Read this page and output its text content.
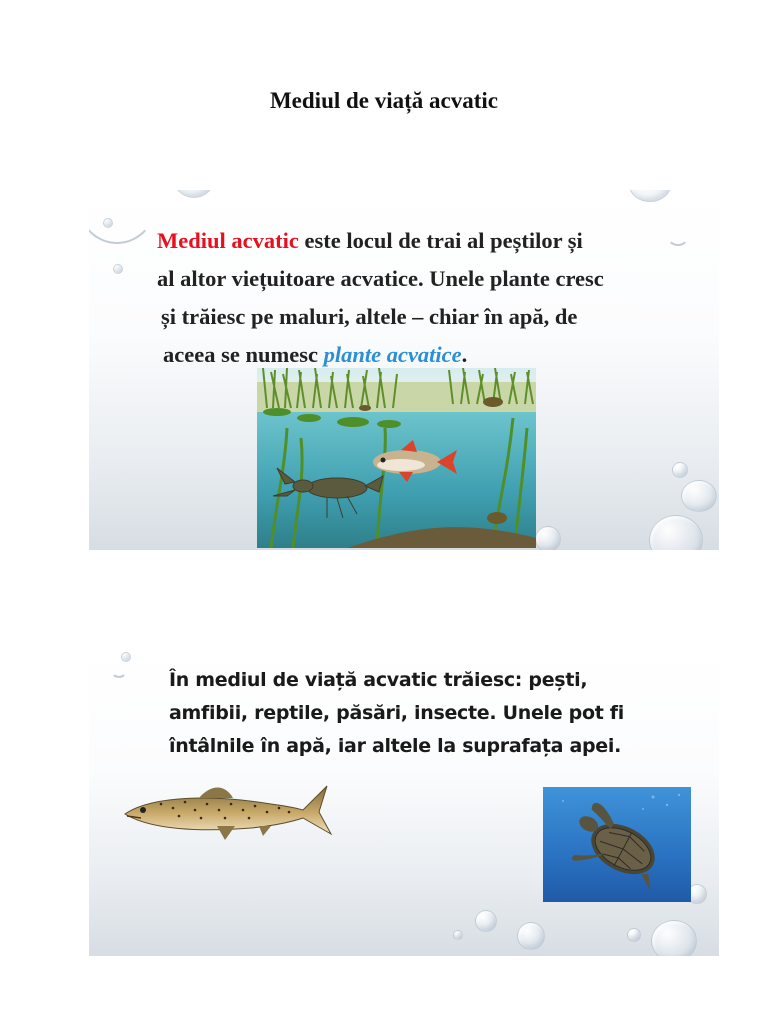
Mediul de viață acvatic
Mediul acvatic este locul de trai al peștilor și
al altor viețuitoare acvatice. Unele plante cresc
și trăiesc pe maluri, altele – chiar în apă, de
aceea se numesc plante acvatice.
În mediul de viață acvatic trăiesc: pești,
amfibii, reptile, păsări, insecte. Unele pot fi
întâlnile în apă, iar altele la suprafața apei.
